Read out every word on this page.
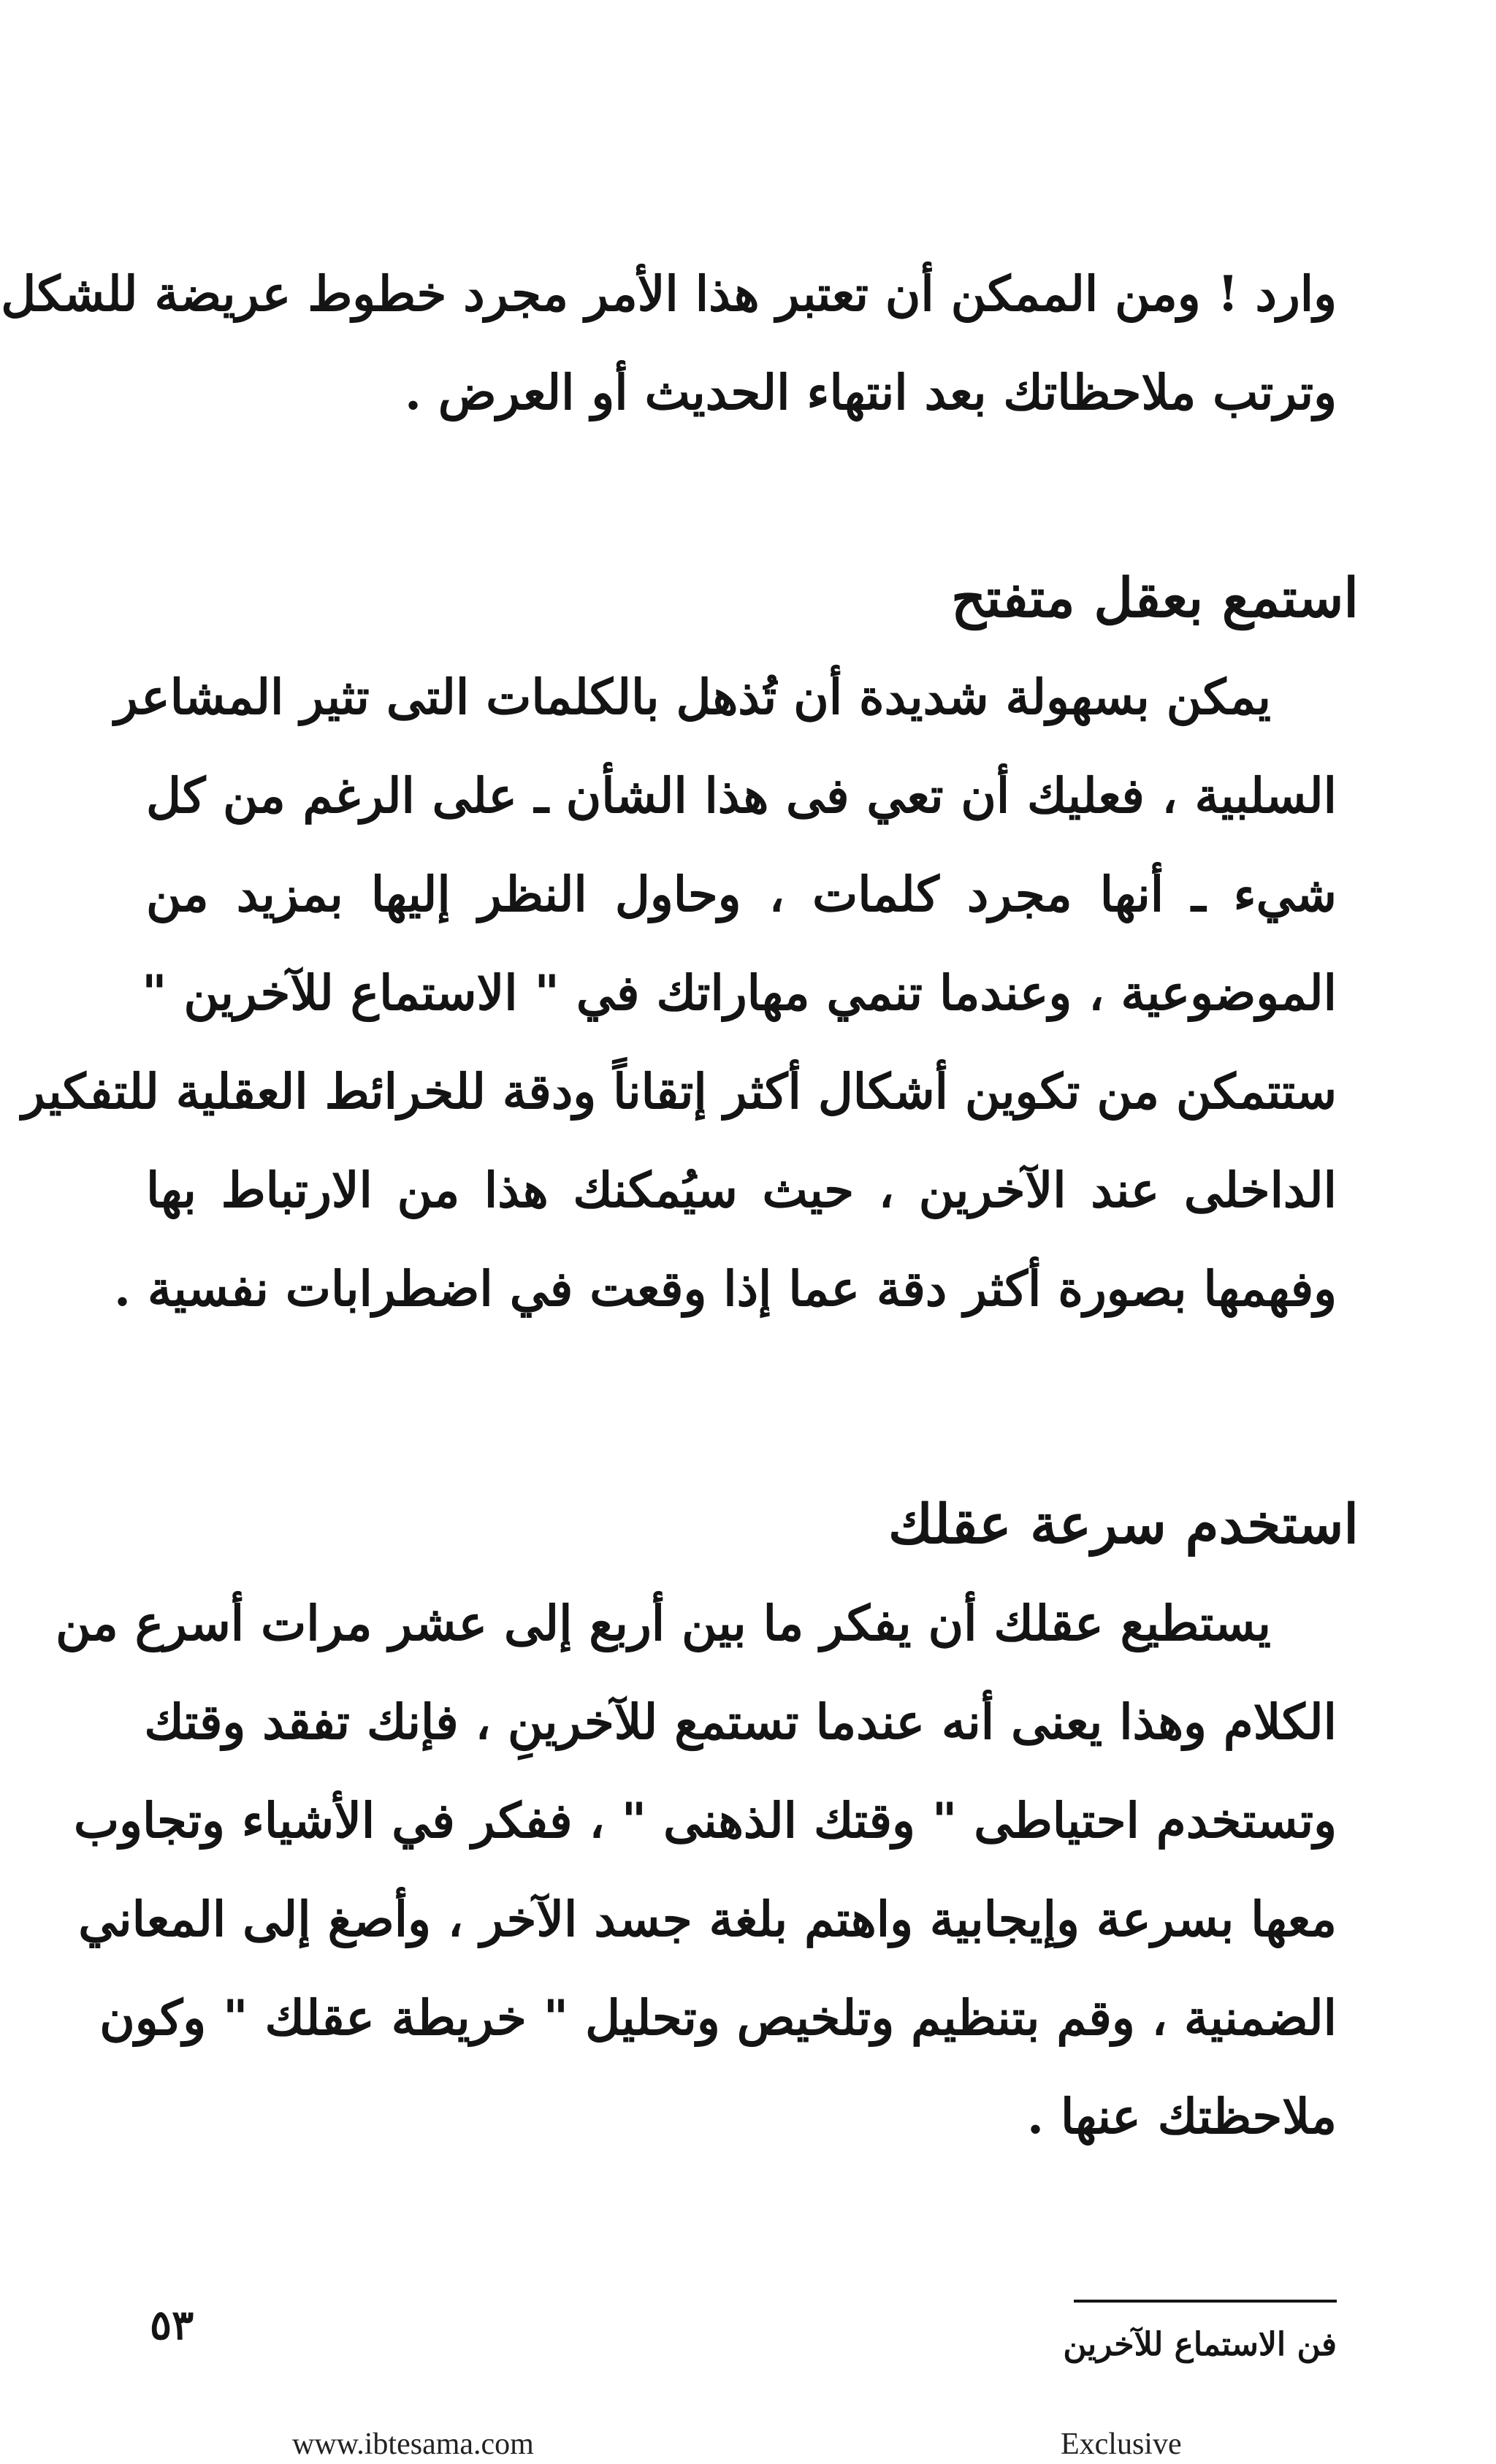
وارد ! ومن الممكن أن تعتبر هذا الأمر مجرد خطوط عريضة للشكل
وترتب ملاحظاتك بعد انتهاء الحديث أو العرض .
استمع بعقل متفتح
يمكن بسهولة شديدة أن تُذهل بالكلمات التى تثير المشاعر
السلبية ، فعليك أن تعي فى هذا الشأن ـ على الرغم من كل
شيء ـ أنها مجرد كلمات ، وحاول النظر إليها بمزيد من
الموضوعية ، وعندما تنمي مهاراتك في " الاستماع للآخرين "
ستتمكن من تكوين أشكال أكثر إتقاناً ودقة للخرائط العقلية للتفكير
الداخلى عند الآخرين ، حيث سيُمكنك هذا من الارتباط بها
وفهمها بصورة أكثر دقة عما إذا وقعت في اضطرابات نفسية .
استخدم سرعة عقلك
يستطيع عقلك أن يفكر ما بين أربع إلى عشر مرات أسرع من
الكلام وهذا يعنى أنه عندما تستمع للآخرينِ ، فإنك تفقد وقتك
وتستخدم احتياطى " وقتك الذهنى " ، ففكر في الأشياء وتجاوب
معها بسرعة وإيجابية واهتم بلغة جسد الآخر ، وأصغ إلى المعاني
الضمنية ، وقم بتنظيم وتلخيص وتحليل " خريطة عقلك " وكون
ملاحظتك عنها .
فن الاستماع للآخرين
٥٣
www.ibtesama.com	Exclusive
